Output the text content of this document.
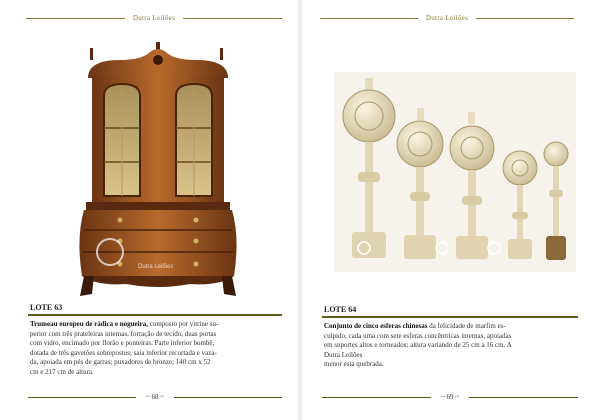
Dutra Leilões
Dutra Leilões
LOTE 63
Trumeau europeu de rádica e nogueira, composto por vitrine su-
perior com três prateleiras internas, forração de tecido, duas portas
com vidro, encimado por florão e ponteiras. Parte inferior bombê,
dotada de três gavetões sobrepostos; saia inferior recortada e vaza-
da, apoiada em pés de garras; puxadores de bronze; 140 cm x 52
cm e 217 cm de altura.
~ 68 ~
Dutra Leilões
LOTE 64
Conjunto de cinco esferas chinesas da felicidade de marfim es-
culpido, cada uma com sete esferas concêntricas internas, apoiadas
em suportes altos e torneados; altura variando de 25 cm a 16 cm. A
Dutra Leilões
menor esta quebrada.
~ 69 ~
